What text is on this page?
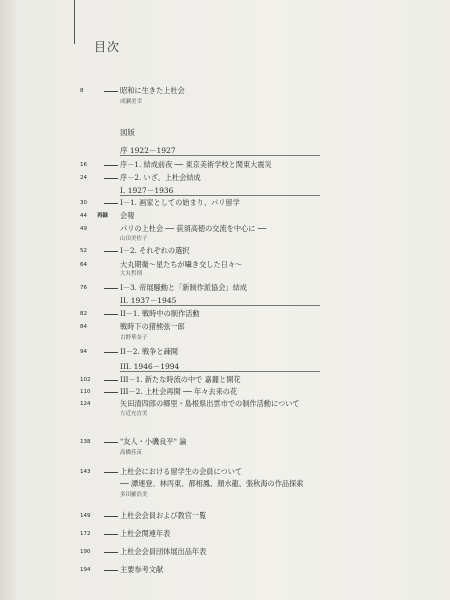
目次
8	昭和に生きた上杜会
成瀬美幸
図版
序 1922－1927
16	序－1. 結成前夜 ── 東京美術学校と関東大震災
24	序－2. いざ、上杜会結成
I. 1927－1936
30	I－1. 画家としての始まり、パリ留学
44	再録	会報
49	パリの上杜会 ── 荻須高徳の交流を中心に ──
山田美佐子
52	I－2. それぞれの選択
64	大丸期衛～星たちが囁き交した日々～
大丸哲則
76	I－3. 帝展騒動と「新制作派協会」結成
II. 1937－1945
82	II－1. 戦時中の制作活動
84	戦時下の猪熊弦一郎
古野華奈子
94	II－2. 戦争と疎開
III. 1946－1994
102	III－1. 新たな時流の中で 嘉麗と開花
110	III－2. 上杜会再開 ── 年々去来の花
124	矢田清四郎の郷里・島根県出雲市での制作活動について
左近充直美
138	"友人・小磯良平" 論
高橋佳苗
143	上杜会における留学生の会員について
── 譚連登、林丙東、都相鳳、顔水龍、張秋海の作品探索
多田羅浩美
149	上杜会会員および教官一覧
172	上杜会関連年表
190	上杜会会員団体展出品年表
194	主要参考文献
